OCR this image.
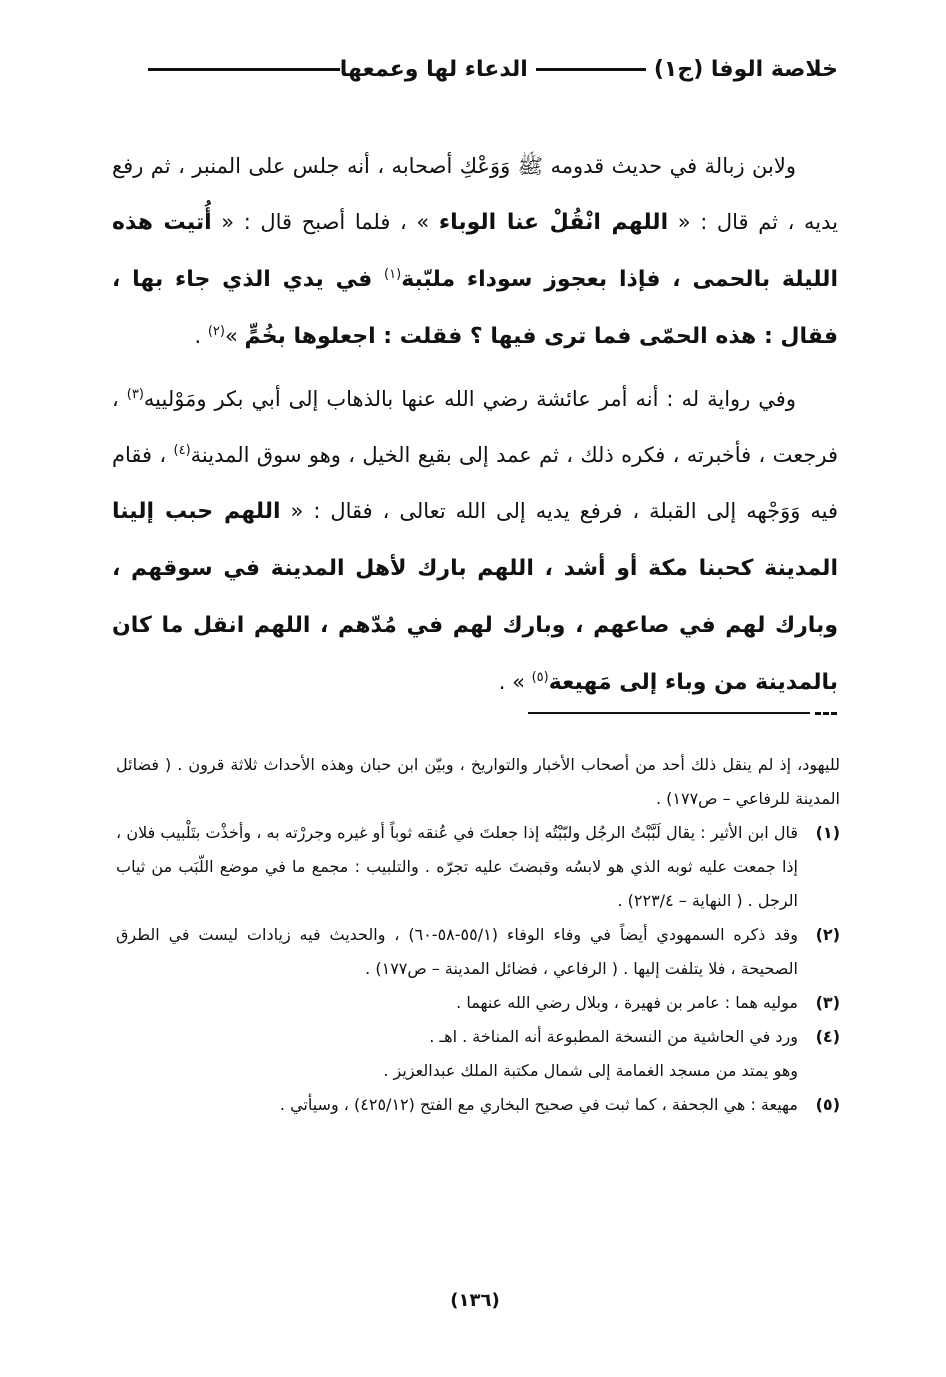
خلاصة الوفا (ج١)
الدعاء لها وعمعها

ولابن زبالة في حديث قدومه ﷺ وَوَعْكِ أصحابه ، أنه جلس على المنبر ، ثم رفع يديه ، ثم قال : « اللهم انْقُلْ عنا الوباء » ، فلما أصبح قال : « أُتيت هذه الليلة بالحمى ، فإذا بعجوز سوداء ملبّبة$^{(١)}$ في يدي الذي جاء بها ، فقال : هذه الحمّى فما ترى فيها ؟ فقلت : اجعلوها بخُمٍّ »$^{(٢)}$ .

وفي رواية له : أنه أمر عائشة رضي الله عنها بالذهاب إلى أبي بكر ومَوْلييه$^{(٣)}$ ، فرجعت ، فأخبرته ، فكره ذلك ، ثم عمد إلى بقيع الخيل ، وهو سوق المدينة$^{(٤)}$ ، فقام فيه وَوَجْهه إلى القبلة ، فرفع يديه إلى الله تعالى ، فقال : « اللهم حبب إلينا المدينة كحبنا مكة أو أشد ، اللهم بارك لأهل المدينة في سوقهم ، وبارك لهم في صاعهم ، وبارك لهم في مُدّهم ، اللهم انقل ما كان بالمدينة من وباء إلى مَهيعة$^{(٥)}$ » .

لليهود، إذ لم ينقل ذلك أحد من أصحاب الأخبار والتواريخ ، وبيّن ابن حبان وهذه الأحداث ثلاثة قرون . ( فضائل المدينة للرفاعي – ص١٧٧) .
(١)
قال ابن الأثير : يقال لَبَّبْتُ الرجُل ولبّبْتُه إذا جعلتَ في عُنقه ثوباً أو غيره وجررْته به ، وأخذْت بتَلْبيب فلان ، إذا جمعت عليه ثوبه الذي هو لابسُه وقبضتَ عليه تجرّه . والتلبيب : مجمع ما في موضع اللّبَب من ثياب الرجل . ( النهاية – ٢٢٣/٤) .
(٢)
وقد ذكره السمهودي أيضاً في وفاء الوفاء (٥٥/١-٥٨-٦٠) ، والحديث فيه زيادات ليست في الطرق الصحيحة ، فلا يتلفت إليها . ( الرفاعي ، فضائل المدينة – ص١٧٧) .
(٣)
موليه هما : عامر بن فهيرة ، وبلال رضي الله عنهما .
(٤)
ورد في الحاشية من النسخة المطبوعة أنه المناخة . اهـ .
وهو يمتد من مسجد الغمامة إلى شمال مكتبة الملك عبدالعزيز .
(٥)
مهيعة : هي الجحفة ، كما ثبت في صحيح البخاري مع الفتح (٤٢٥/١٢) ، وسيأتي .
(١٣٦)
